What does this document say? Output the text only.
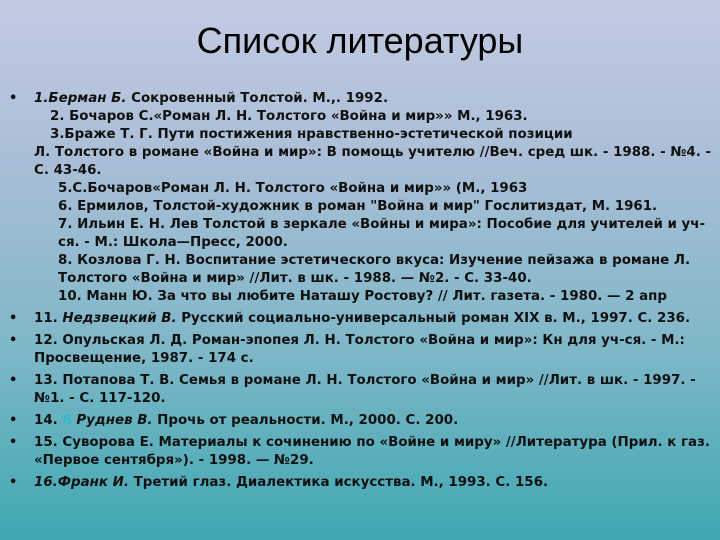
Список литературы
• 1.Берман Б. Сокровенный Толстой. М.,. 1992.
2. Бочаров С.«Роман Л. Н. Толстого «Война и мир»» М., 1963.
3.Браже Т. Г. Пути постижения нравственно-эстетической позиции
Л. Толстого в романе «Война и мир»: В помощь учителю //Веч. сред шк. - 1988. - №4. - С. 43-46.
5.С.Бочаров«Роман Л. Н. Толстого «Война и мир»» (М., 1963
6. Ермилов, Толстой-художник в роман "Война и мир" Гослитиздат, М. 1961.
7. Ильин Е. Н. Лев Толстой в зеркале «Войны и мира»: Пособие для учителей и уч-ся. - М.: Школа—Пресс, 2000.
8. Козлова Г. Н. Воспитание эстетического вкуса: Изучение пейзажа в романе Л. Толстого «Война и мир» //Лит. в шк. - 1988. — №2. - С. 33-40.
10. Манн Ю. За что вы любите Наташу Ростову? // Лит. газета. - 1980. — 2 апр
• 11. Недзвецкий В. Русский социально-универсальный роман XIX в. М., 1997. С. 236.
• 12. Опульская Л. Д. Роман-эпопея Л. Н. Толстого «Война и мир»: Кн для уч-ся. - М.: Просвещение, 1987. - 174 с.
• 13. Потапова Т. В. Семья в романе Л. Н. Толстого «Война и мир» //Лит. в шк. - 1997. - №1. - С. 117-120.
• 14. 6 Руднев В. Прочь от реальности. М., 2000. С. 200.
• 15. Суворова Е. Материалы к сочинению по «Войне и миру» //Литература (Прил. к газ. «Первое сентября»). - 1998. — №29.
• 16.Франк И. Третий глаз. Диалектика искусства. М., 1993. С. 156.
